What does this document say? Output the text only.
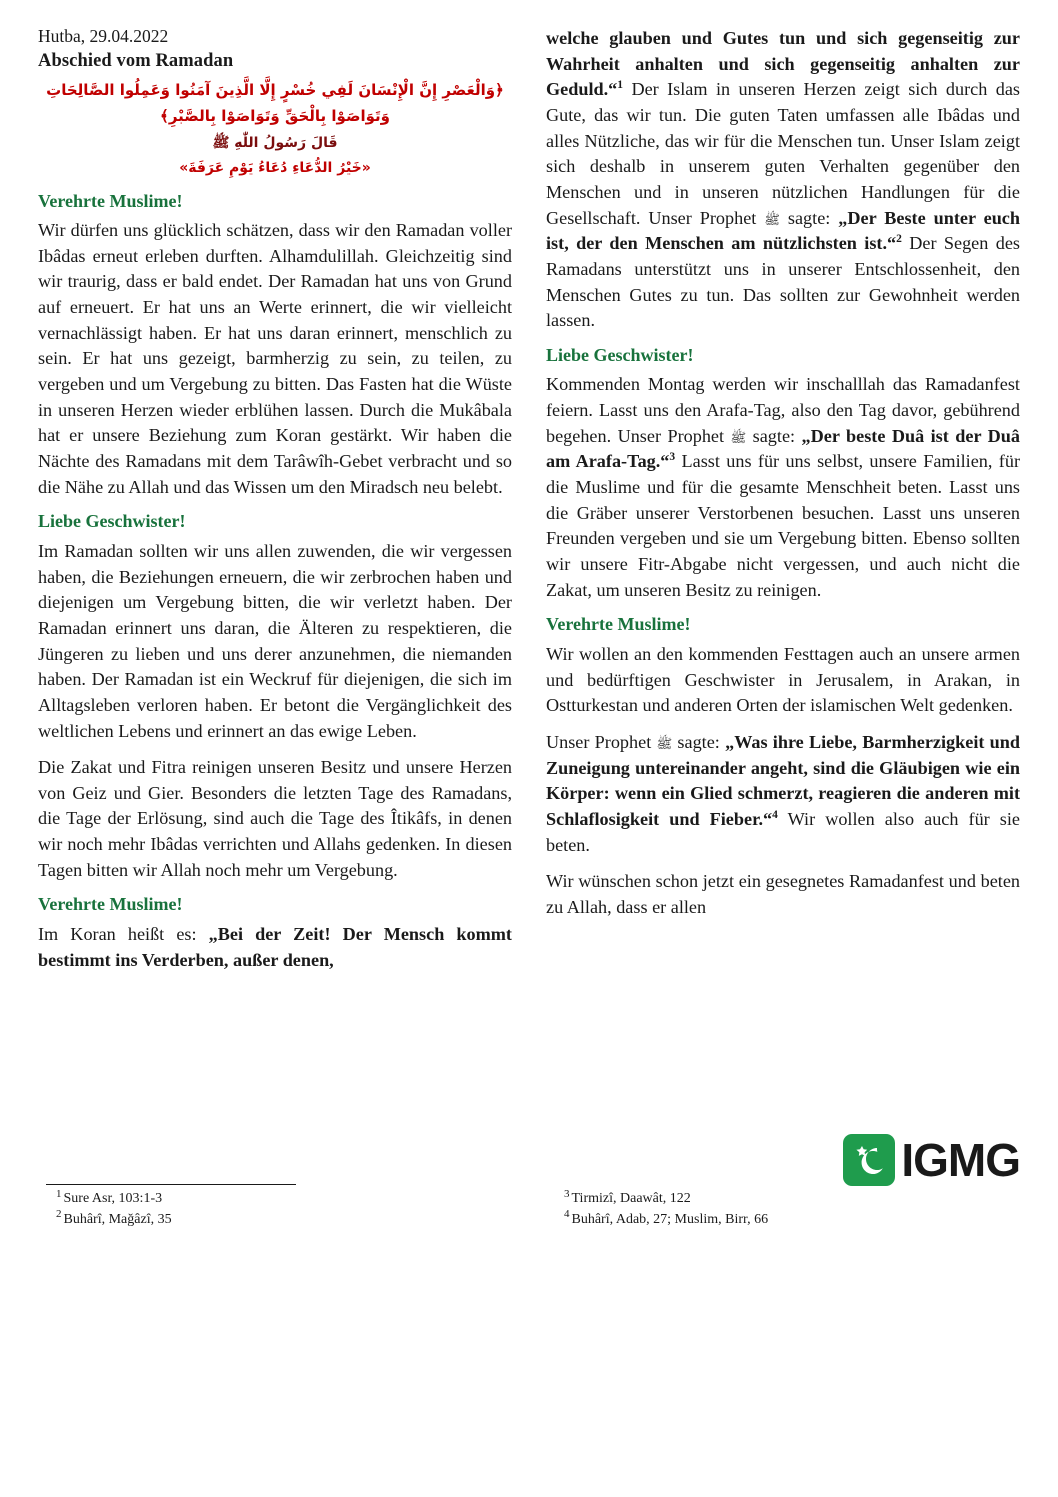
Hutba, 29.04.2022
Abschied vom Ramadan
﻿﴿وَالْعَصْرِ إِنَّ الْإِنْسَانَ لَفِي خُسْرٍ إِلَّا الَّذِينَ آمَنُوا وَعَمِلُوا الصَّالِحَاتِ وَتَوَاصَوْا بِالْحَقِّ وَتَوَاصَوْا بِالصَّبْرِ﴾
قَالَ رَسُولُ اللّٰهِ ﷺ
«خَيْرُ الدُّعَاءِ دُعَاءُ يَوْمِ عَرَفَةَ»
Verehrte Muslime!

Wir dürfen uns glücklich schätzen, dass wir den Ramadan voller Ibâdas erneut erleben durften. Alhamdulillah. Gleichzeitig sind wir traurig, dass er bald endet. Der Ramadan hat uns von Grund auf erneuert. Er hat uns an Werte erinnert, die wir vielleicht vernachlässigt haben. Er hat uns daran erinnert, menschlich zu sein. Er hat uns gezeigt, barmherzig zu sein, zu teilen, zu vergeben und um Vergebung zu bitten. Das Fasten hat die Wüste in unseren Herzen wieder erblühen lassen. Durch die Mukâbala hat er unsere Beziehung zum Koran gestärkt. Wir haben die Nächte des Ramadans mit dem Tarâwîh-Gebet verbracht und so die Nähe zu Allah und das Wissen um den Miradsch neu belebt.

Liebe Geschwister!

Im Ramadan sollten wir uns allen zuwenden, die wir vergessen haben, die Beziehungen erneuern, die wir zerbrochen haben und diejenigen um Vergebung bitten, die wir verletzt haben. Der Ramadan erinnert uns daran, die Älteren zu respektieren, die Jüngeren zu lieben und uns derer anzunehmen, die niemanden haben. Der Ramadan ist ein Weckruf für diejenigen, die sich im Alltagsleben verloren haben. Er betont die Vergänglichkeit des weltlichen Lebens und erinnert an das ewige Leben.

Die Zakat und Fitra reinigen unseren Besitz und unsere Herzen von Geiz und Gier. Besonders die letzten Tage des Ramadans, die Tage der Erlösung, sind auch die Tage des Îtikâfs, in denen wir noch mehr Ibâdas verrichten und Allahs gedenken. In diesen Tagen bitten wir Allah noch mehr um Vergebung.

Verehrte Muslime!

Im Koran heißt es: „Bei der Zeit! Der Mensch kommt bestimmt ins Verderben, außer denen,

$^1$ Sure Asr, 103:1-3
$^2$ Buhârî, Mağâzî, 35

welche glauben und Gutes tun und sich gegenseitig zur Wahrheit anhalten und sich gegenseitig anhalten zur Geduld.“$^1$ Der Islam in unseren Herzen zeigt sich durch das Gute, das wir tun. Die guten Taten umfassen alle Ibâdas und alles Nützliche, das wir für die Menschen tun. Unser Islam zeigt sich deshalb in unserem guten Verhalten gegenüber den Menschen und in unseren nützlichen Handlungen für die Gesellschaft. Unser Prophet ﷺ sagte: „Der Beste unter euch ist, der den Menschen am nützlichsten ist.“$^2$ Der Segen des Ramadans unterstützt uns in unserer Entschlossenheit, den Menschen Gutes zu tun. Das sollten zur Gewohnheit werden lassen.

Liebe Geschwister!

Kommenden Montag werden wir inschalllah das Ramadanfest feiern. Lasst uns den Arafa-Tag, also den Tag davor, gebührend begehen. Unser Prophet ﷺ sagte: „Der beste Duâ ist der Duâ am Arafa-Tag.“$^3$ Lasst uns für uns selbst, unsere Familien, für die Muslime und für die gesamte Menschheit beten. Lasst uns die Gräber unserer Verstorbenen besuchen. Lasst uns unseren Freunden vergeben und sie um Vergebung bitten. Ebenso sollten wir unsere Fitr-Abgabe nicht vergessen, und auch nicht die Zakat, um unseren Besitz zu reinigen.

Verehrte Muslime!

Wir wollen an den kommenden Festtagen auch an unsere armen und bedürftigen Geschwister in Jerusalem, in Arakan, in Ostturkestan und anderen Orten der islamischen Welt gedenken.

Unser Prophet ﷺ sagte: „Was ihre Liebe, Barmherzigkeit und Zuneigung untereinander angeht, sind die Gläubigen wie ein Körper: wenn ein Glied schmerzt, reagieren die anderen mit Schlaflosigkeit und Fieber.“$^4$ Wir wollen also auch für sie beten.

Wir wünschen schon jetzt ein gesegnetes Ramadanfest und beten zu Allah, dass er allen

IGMG
$^3$ Tirmizî, Daawât, 122
$^4$ Buhârî, Adab, 27; Muslim, Birr, 66
